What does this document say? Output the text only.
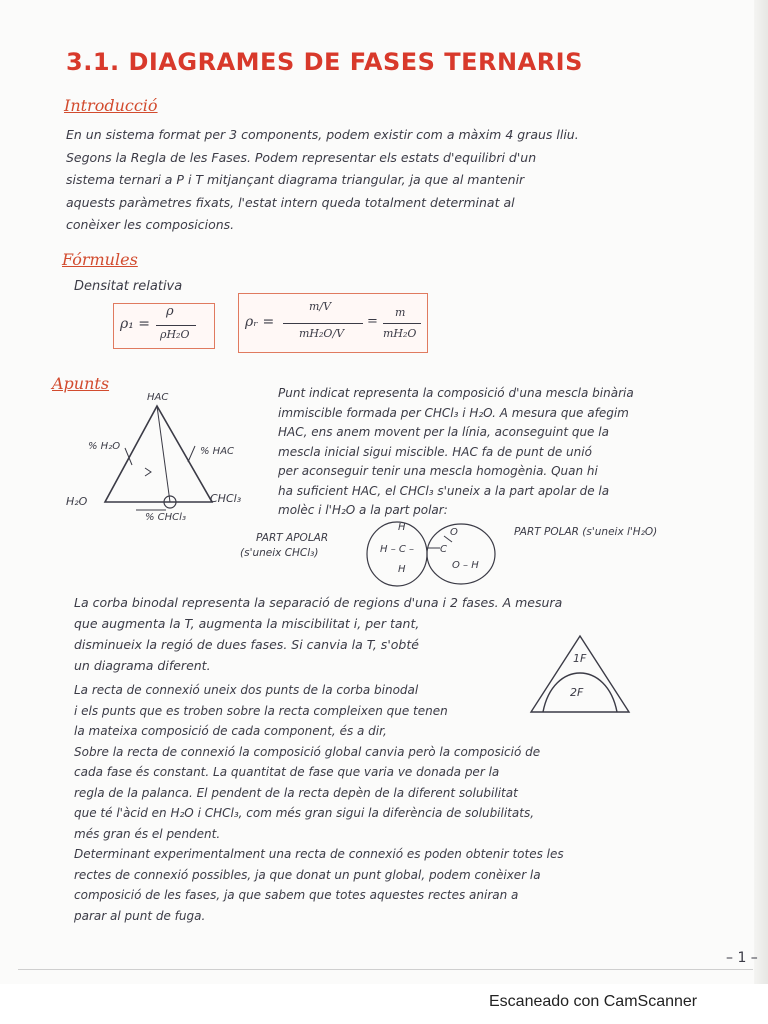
3.1. DIAGRAMES DE FASES TERNARIS
Introducció

En un sistema format per 3 components, podem existir com a màxim 4 graus lliu.

Segons la Regla de les Fases. Podem representar els estats d'equilibri d'un

sistema ternari a P i T mitjançant diagrama triangular, ja que al mantenir

aquests paràmetres fixats, l'estat intern queda totalment determinat al

conèixer les composicions.

Fórmules
Densitat relativa
ρ₁ =
ρ
ρH₂O
ρᵣ =
m/V
mH₂O/V
=
m
mH₂O
Apunts
HAC
H₂O	CHCl₃
% H₂O	% HAC
% CHCl₃

Punt indicat representa la composició d'una mescla binària

immiscible formada per CHCl₃ i H₂O. A mesura que afegim

HAC, ens anem movent per la línia, aconseguint que la

mescla inicial sigui miscible. HAC fa de punt de unió

per aconseguir tenir una mescla homogènia. Quan hi

ha suficient HAC, el CHCl₃ s'uneix a la part apolar de la

molèc i l'H₂O a la part polar:

PART APOLAR
(s'uneix CHCl₃)
H
H – C –
H
C
O
O – H
PART POLAR (s'uneix l'H₂O)

La corba binodal representa la separació de regions d'una i 2 fases. A mesura

que augmenta la T, augmenta la miscibilitat i, per tant,

disminueix la regió de dues fases. Si canvia la T, s'obté

un diagrama diferent.	1F
2F

La recta de connexió uneix dos punts de la corba binodal

i els punts que es troben sobre la recta compleixen que tenen

la mateixa composició de cada component, és a dir,

Sobre la recta de connexió la composició global canvia però la composició de

cada fase és constant. La quantitat de fase que varia ve donada per la

regla de la palanca. El pendent de la recta depèn de la diferent solubilitat

que té l'àcid en H₂O i CHCl₃, com més gran sigui la diferència de solubilitats,

més gran és el pendent.

Determinant experimentalment una recta de connexió es poden obtenir totes les

rectes de connexió possibles, ja que donat un punt global, podem conèixer la

composició de les fases, ja que sabem que totes aquestes rectes aniran a

parar al punt de fuga.

– 1 –
Escaneado con CamScanner
